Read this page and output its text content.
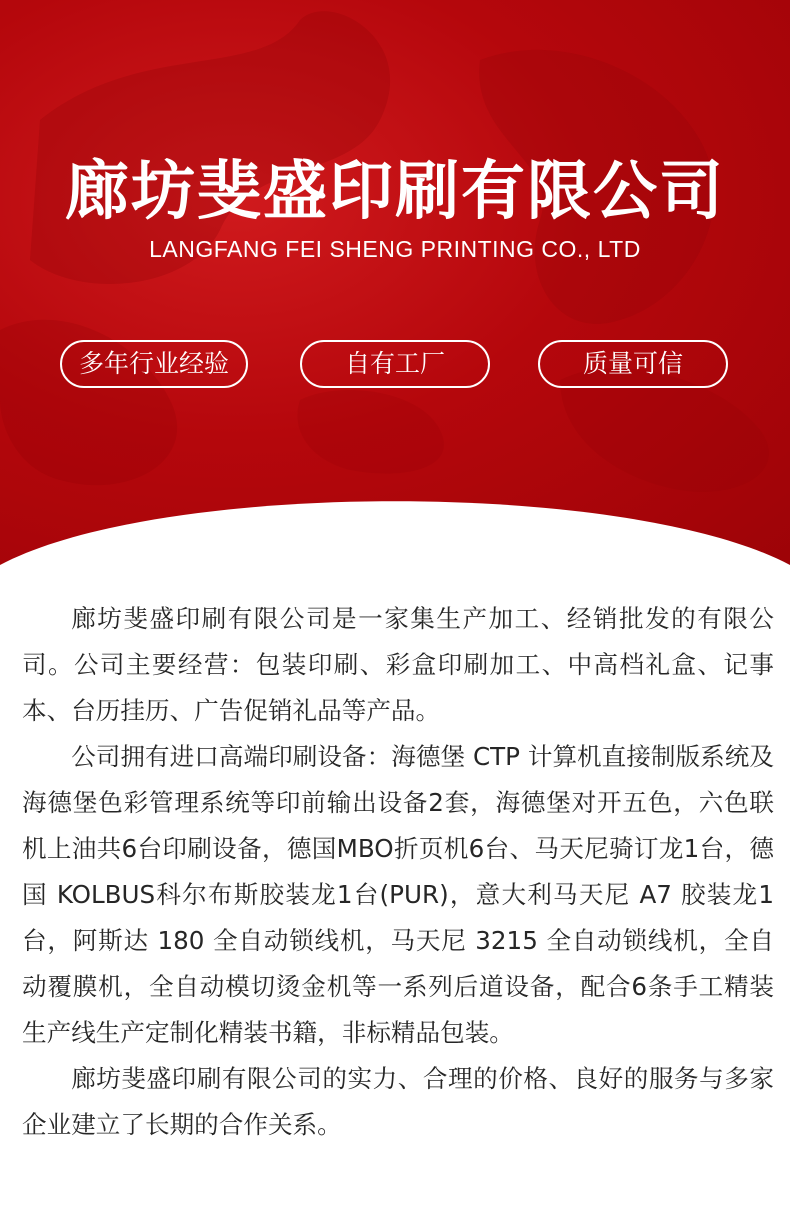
廊坊斐盛印刷有限公司
LANGFANG FEI SHENG PRINTING CO., LTD
多年行业经验	自有工厂	质量可信

廊坊斐盛印刷有限公司是一家集生产加工、经销批发的有限公司。公司主要经营：包装印刷、彩盒印刷加工、中高档礼盒、记事本、台历挂历、广告促销礼品等产品。

公司拥有进口高端印刷设备：海德堡 CTP 计算机直接制版系统及海德堡色彩管理系统等印前输出设备2套，海德堡对开五色，六色联机上油共6台印刷设备，德国MBO折页机6台、马天尼骑订龙1台，德国 KOLBUS科尔布斯胶装龙1台(PUR)，意大利马天尼 A7 胶装龙1台，阿斯达 180 全自动锁线机，马天尼 3215 全自动锁线机，全自动覆膜机，全自动模切烫金机等一系列后道设备，配合6条手工精装生产线生产定制化精装书籍，非标精品包装。

廊坊斐盛印刷有限公司的实力、合理的价格、良好的服务与多家企业建立了长期的合作关系。
